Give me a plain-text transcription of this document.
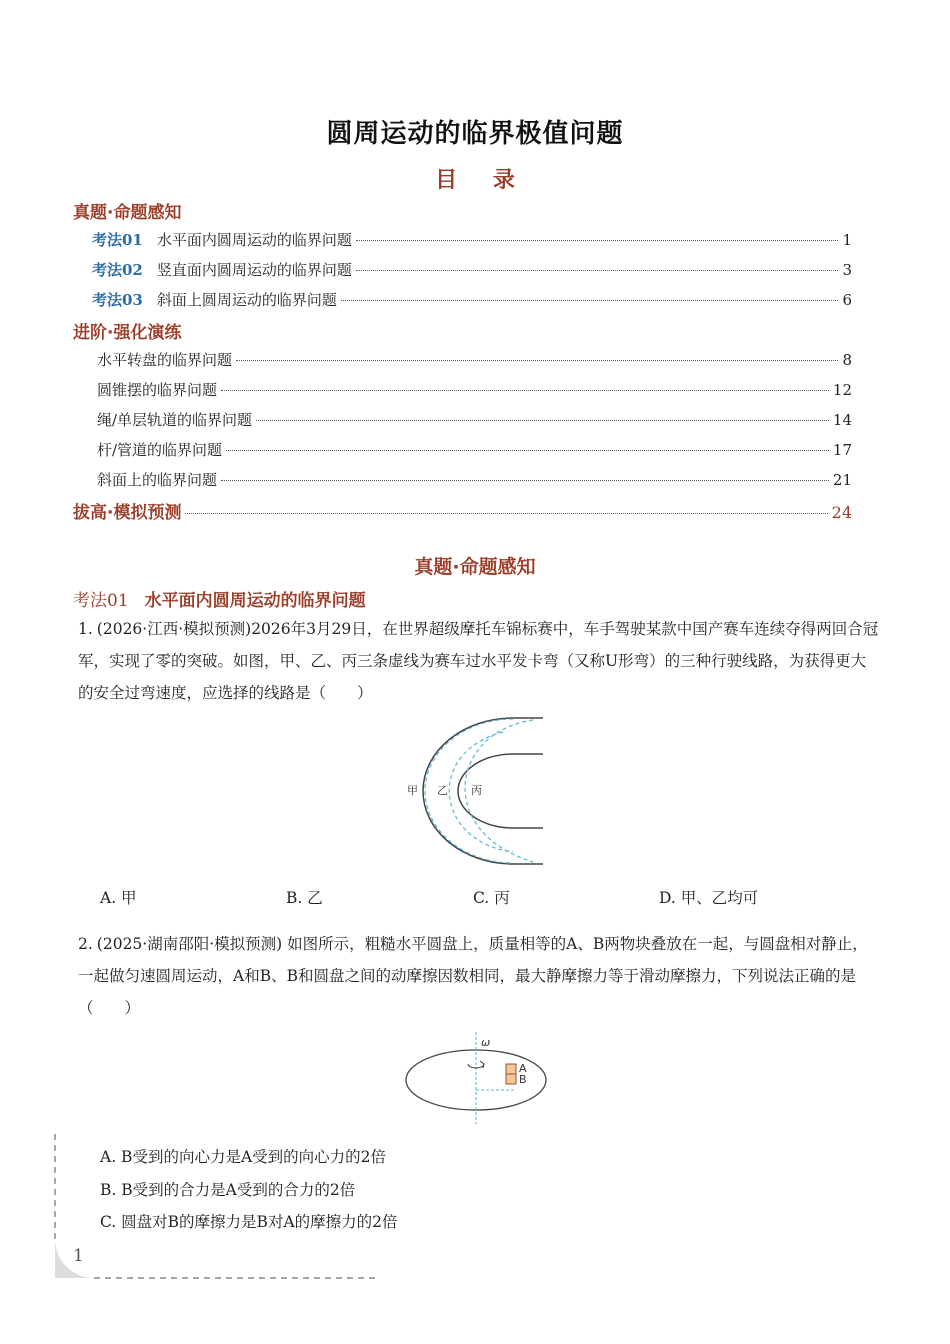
圆周运动的临界极值问题
目 录
真题·命题感知
考法01 水平面内圆周运动的临界问题	1
考法02 竖直面内圆周运动的临界问题	3
考法03 斜面上圆周运动的临界问题	6
进阶·强化演练
水平转盘的临界问题	8
圆锥摆的临界问题	12
绳/单层轨道的临界问题	14
杆/管道的临界问题	17
斜面上的临界问题	21
拔高·模拟预测	24
真题·命题感知
考法01 水平面内圆周运动的临界问题

1. (2026·江西·模拟预测)2026年3月29日，在世界超级摩托车锦标赛中，车手驾驶某款中国产赛车连续夺得两回合冠军，实现了零的突破。如图，甲、乙、丙三条虚线为赛车过水平发卡弯（又称U形弯）的三种行驶线路，为获得更大的安全过弯速度，应选择的线路是（　　）

甲 乙 丙
A. 甲	B. 乙	C. 丙	D. 甲、乙均可

2. (2025·湖南邵阳·模拟预测) 如图所示，粗糙水平圆盘上，质量相等的A、B两物块叠放在一起，与圆盘相对静止，一起做匀速圆周运动，A和B、B和圆盘之间的动摩擦因数相同，最大静摩擦力等于滑动摩擦力，下列说法正确的是（　　）

ω
A
B
A. B受到的向心力是A受到的向心力的2倍
B. B受到的合力是A受到的合力的2倍
C. 圆盘对B的摩擦力是B对A的摩擦力的2倍
1
